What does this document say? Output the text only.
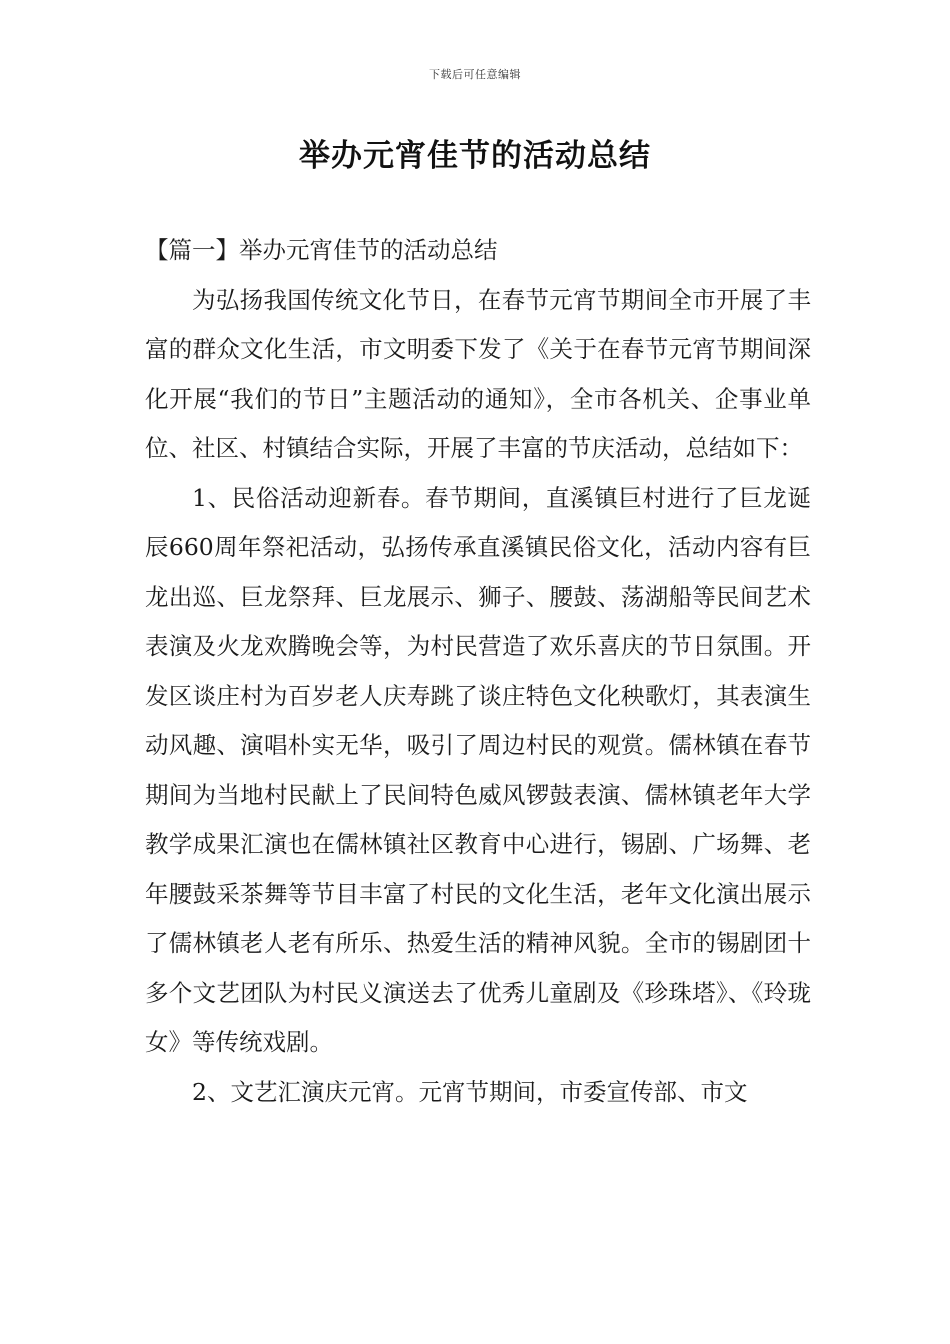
下载后可任意编辑
举办元宵佳节的活动总结

【篇一】举办元宵佳节的活动总结

为弘扬我国传统文化节日，在春节元宵节期间全市开展了丰富的群众文化生活，市文明委下发了《关于在春节元宵节期间深化开展“我们的节日”主题活动的通知》，全市各机关、企事业单位、社区、村镇结合实际，开展了丰富的节庆活动，总结如下：

1、民俗活动迎新春。春节期间，直溪镇巨村进行了巨龙诞辰660周年祭祀活动，弘扬传承直溪镇民俗文化，活动内容有巨龙出巡、巨龙祭拜、巨龙展示、狮子、腰鼓、荡湖船等民间艺术表演及火龙欢腾晚会等，为村民营造了欢乐喜庆的节日氛围。开发区谈庄村为百岁老人庆寿跳了谈庄特色文化秧歌灯，其表演生动风趣、演唱朴实无华，吸引了周边村民的观赏。儒林镇在春节期间为当地村民献上了民间特色威风锣鼓表演、儒林镇老年大学教学成果汇演也在儒林镇社区教育中心进行，锡剧、广场舞、老年腰鼓采茶舞等节目丰富了村民的文化生活，老年文化演出展示了儒林镇老人老有所乐、热爱生活的精神风貌。全市的锡剧团十多个文艺团队为村民义演送去了优秀儿童剧及《珍珠塔》、《玲珑女》等传统戏剧。

2、文艺汇演庆元宵。元宵节期间，市委宣传部、市文
